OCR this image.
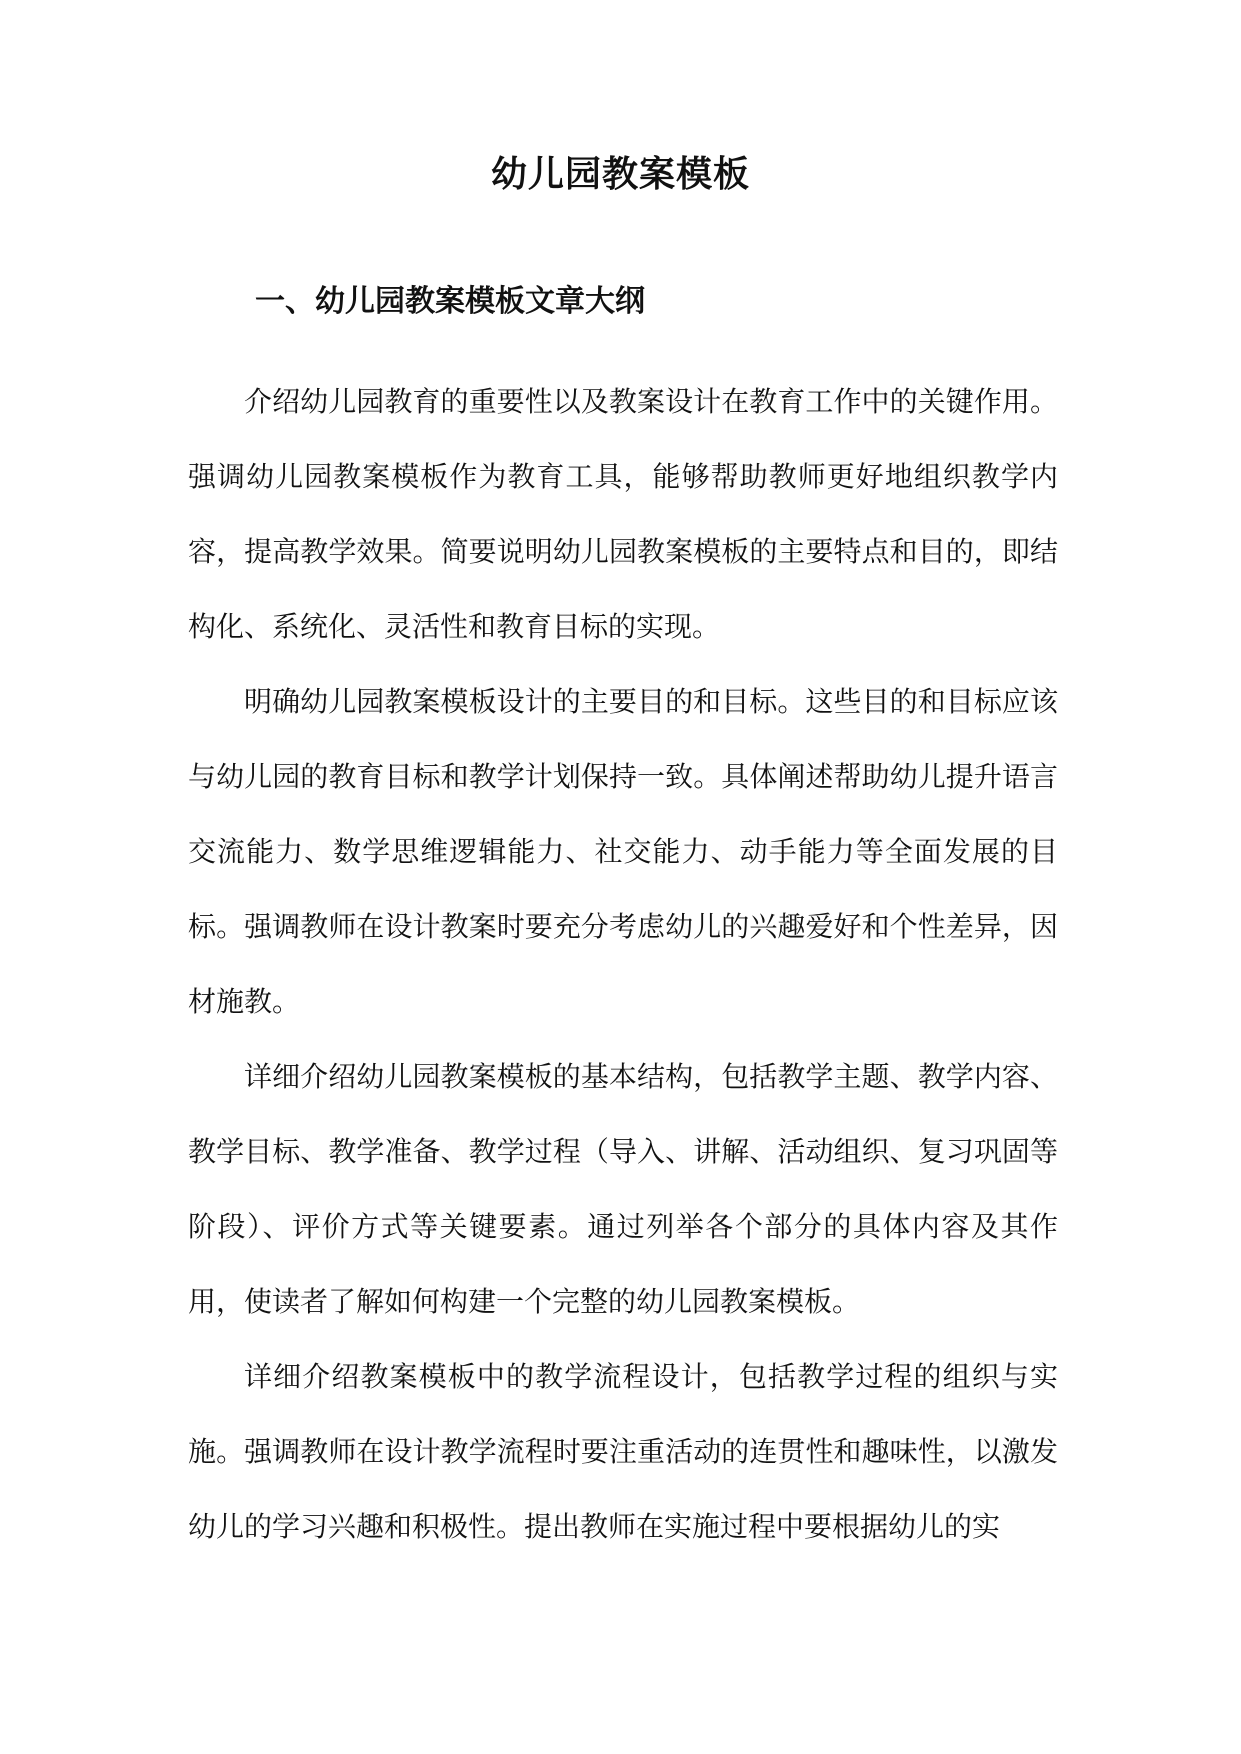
幼儿园教案模板
一、幼儿园教案模板文章大纲

介绍幼儿园教育的重要性以及教案设计在教育工作中的关键作用。强调幼儿园教案模板作为教育工具，能够帮助教师更好地组织教学内容，提高教学效果。简要说明幼儿园教案模板的主要特点和目的，即结构化、系统化、灵活性和教育目标的实现。

明确幼儿园教案模板设计的主要目的和目标。这些目的和目标应该与幼儿园的教育目标和教学计划保持一致。具体阐述帮助幼儿提升语言交流能力、数学思维逻辑能力、社交能力、动手能力等全面发展的目标。强调教师在设计教案时要充分考虑幼儿的兴趣爱好和个性差异，因材施教。

详细介绍幼儿园教案模板的基本结构，包括教学主题、教学内容、教学目标、教学准备、教学过程（导入、讲解、活动组织、复习巩固等阶段）、评价方式等关键要素。通过列举各个部分的具体内容及其作用，使读者了解如何构建一个完整的幼儿园教案模板。

详细介绍教案模板中的教学流程设计，包括教学过程的组织与实施。强调教师在设计教学流程时要注重活动的连贯性和趣味性，以激发幼儿的学习兴趣和积极性。提出教师在实施过程中要根据幼儿的实
